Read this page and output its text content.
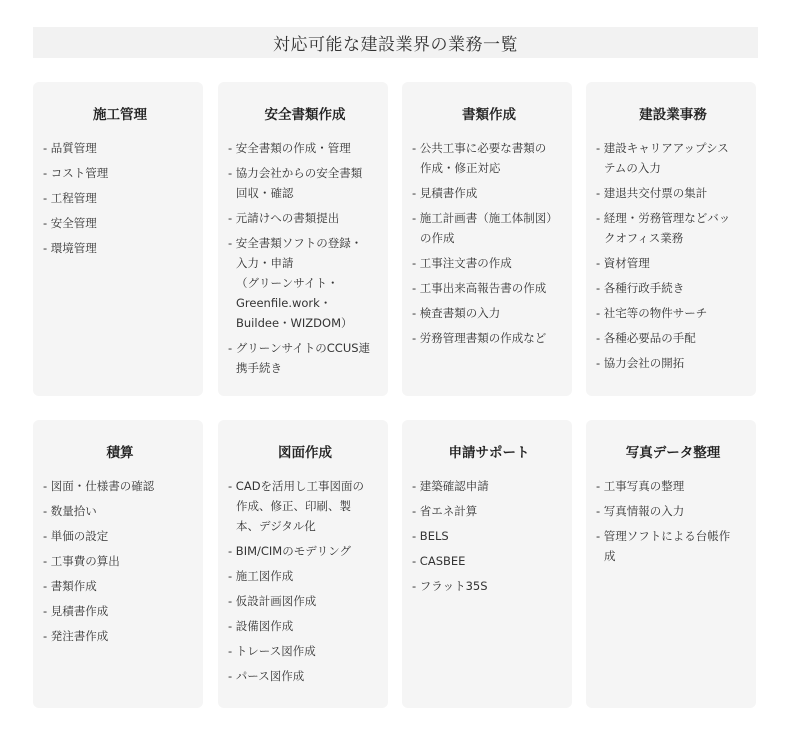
対応可能な建設業界の業務一覧
施工管理
- 品質管理
- コスト管理
- 工程管理
- 安全管理
- 環境管理
安全書類作成
- 安全書類の作成・管理
- 協力会社からの安全書類
回収・確認
- 元請けへの書類提出
- 安全書類ソフトの登録・
入力・申請
（グリーンサイト・
Greenfile.work・
Buildee・WIZDOM）
- グリーンサイトのCCUS連
携手続き
書類作成
- 公共工事に必要な書類の
作成・修正対応
- 見積書作成
- 施工計画書（施工体制図）
の作成
- 工事注文書の作成
- 工事出来高報告書の作成
- 検査書類の入力
- 労務管理書類の作成など
建設業事務
- 建設キャリアアップシス
テムの入力
- 建退共交付票の集計
- 経理・労務管理などバッ
クオフィス業務
- 資材管理
- 各種行政手続き
- 社宅等の物件サーチ
- 各種必要品の手配
- 協力会社の開拓
積算
- 図面・仕様書の確認
- 数量拾い
- 単価の設定
- 工事費の算出
- 書類作成
- 見積書作成
- 発注書作成
図面作成
- CADを活用し工事図面の
作成、修正、印刷、製
本、デジタル化
- BIM/CIMのモデリング
- 施工図作成
- 仮設計画図作成
- 設備図作成
- トレース図作成
- パース図作成
申請サポート
- 建築確認申請
- 省エネ計算
- BELS
- CASBEE
- フラット35S
写真データ整理
- 工事写真の整理
- 写真情報の入力
- 管理ソフトによる台帳作
成
